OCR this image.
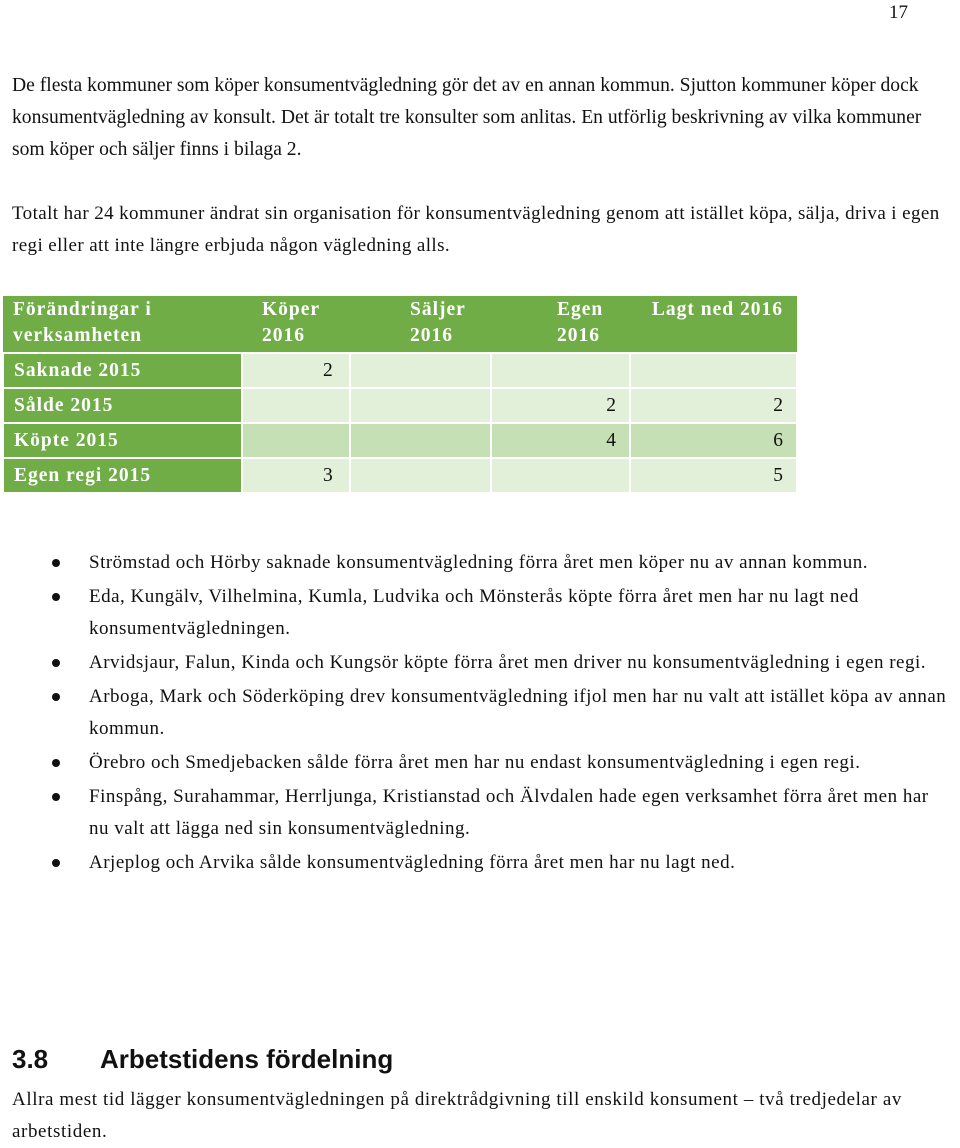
17

De flesta kommuner som köper konsumentvägledning gör det av en annan kommun. Sjutton kommuner köper dock konsumentvägledning av konsult. Det är totalt tre konsulter som anlitas. En utförlig beskrivning av vilka kommuner som köper och säljer finns i bilaga 2.

Totalt har 24 kommuner ändrat sin organisation för konsumentvägledning genom att istället köpa, sälja, driva i egen regi eller att inte längre erbjuda någon vägledning alls.

Förändringar i verksamheten	Köper 2016	Säljer 2016	Egen 2016	Lagt ned 2016
Saknade 2015	2			
Sålde 2015			2	2
Köpte 2015			4	6
Egen regi 2015	3			5
Strömstad och Hörby saknade konsumentvägledning förra året men köper nu av annan kommun.
Eda, Kungälv, Vilhelmina, Kumla, Ludvika och Mönsterås köpte förra året men har nu lagt ned konsumentvägledningen.
Arvidsjaur, Falun, Kinda och Kungsör köpte förra året men driver nu konsumentvägledning i egen regi.
Arboga, Mark och Söderköping drev konsumentvägledning ifjol men har nu valt att istället köpa av annan kommun.
Örebro och Smedjebacken sålde förra året men har nu endast konsumentvägledning i egen regi.
Finspång, Surahammar, Herrljunga, Kristianstad och Älvdalen hade egen verksamhet förra året men har nu valt att lägga ned sin konsumentvägledning.
Arjeplog och Arvika sålde konsumentvägledning förra året men har nu lagt ned.
3.8 Arbetstidens fördelning

Allra mest tid lägger konsumentvägledningen på direktrådgivning till enskild konsument – två tredjedelar av arbetstiden.
